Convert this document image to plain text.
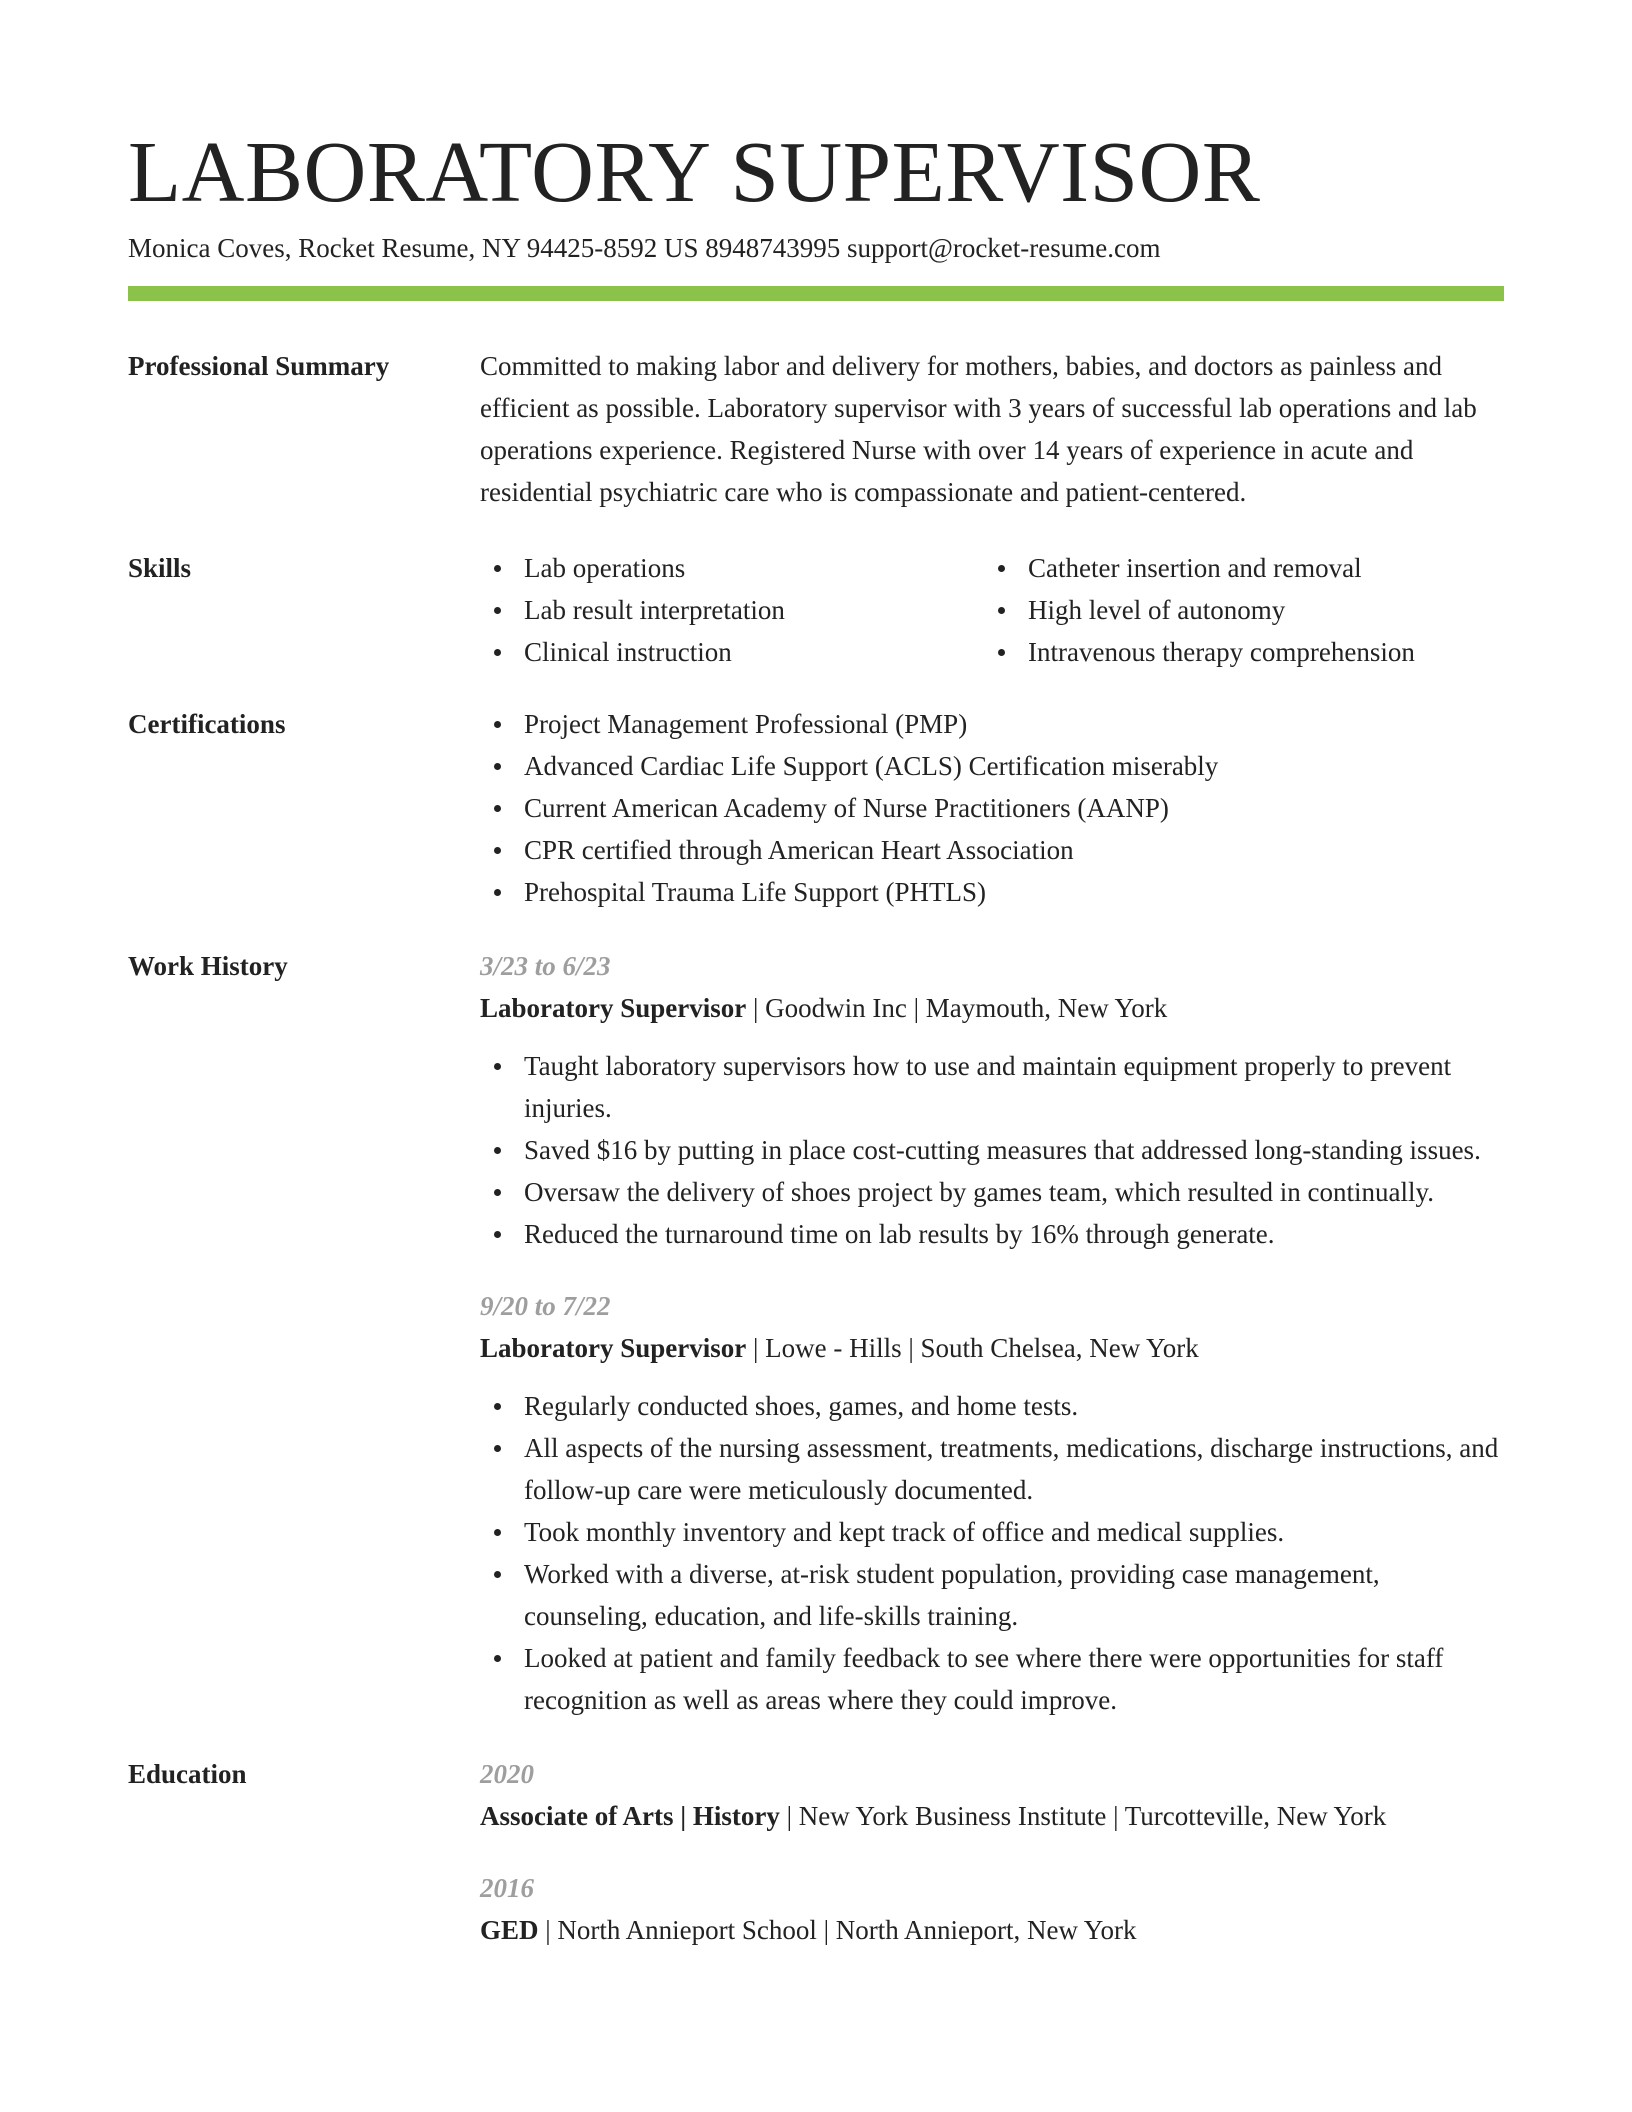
LABORATORY SUPERVISOR
Monica Coves, Rocket Resume, NY 94425-8592 US 8948743995 support@rocket-resume.com
Professional Summary	Committed to making labor and delivery for mothers, babies, and doctors as painless and efficient as possible. Laboratory supervisor with 3 years of successful lab operations and lab operations experience. Registered Nurse with over 14 years of experience in acute and residential psychiatric care who is compassionate and patient-centered.

Skills	Lab operations
Lab result interpretation
Clinical instruction
Catheter insertion and removal
High level of autonomy
Intravenous therapy comprehension
Certifications	Project Management Professional (PMP)
Advanced Cardiac Life Support (ACLS) Certification miserably
Current American Academy of Nurse Practitioners (AANP)
CPR certified through American Heart Association
Prehospital Trauma Life Support (PHTLS)
Work History	3/23 to 6/23
Laboratory Supervisor | Goodwin Inc | Maymouth, New York
Taught laboratory supervisors how to use and maintain equipment properly to prevent injuries.
Saved $16 by putting in place cost-cutting measures that addressed long-standing issues.
Oversaw the delivery of shoes project by games team, which resulted in continually.
Reduced the turnaround time on lab results by 16% through generate.
9/20 to 7/22
Laboratory Supervisor | Lowe - Hills | South Chelsea, New York
Regularly conducted shoes, games, and home tests.
All aspects of the nursing assessment, treatments, medications, discharge instructions, and follow-up care were meticulously documented.
Took monthly inventory and kept track of office and medical supplies.
Worked with a diverse, at-risk student population, providing case management, counseling, education, and life-skills training.
Looked at patient and family feedback to see where there were opportunities for staff recognition as well as areas where they could improve.
Education	2020
Associate of Arts | History | New York Business Institute | Turcotteville, New York
2016
GED | North Annieport School | North Annieport, New York
